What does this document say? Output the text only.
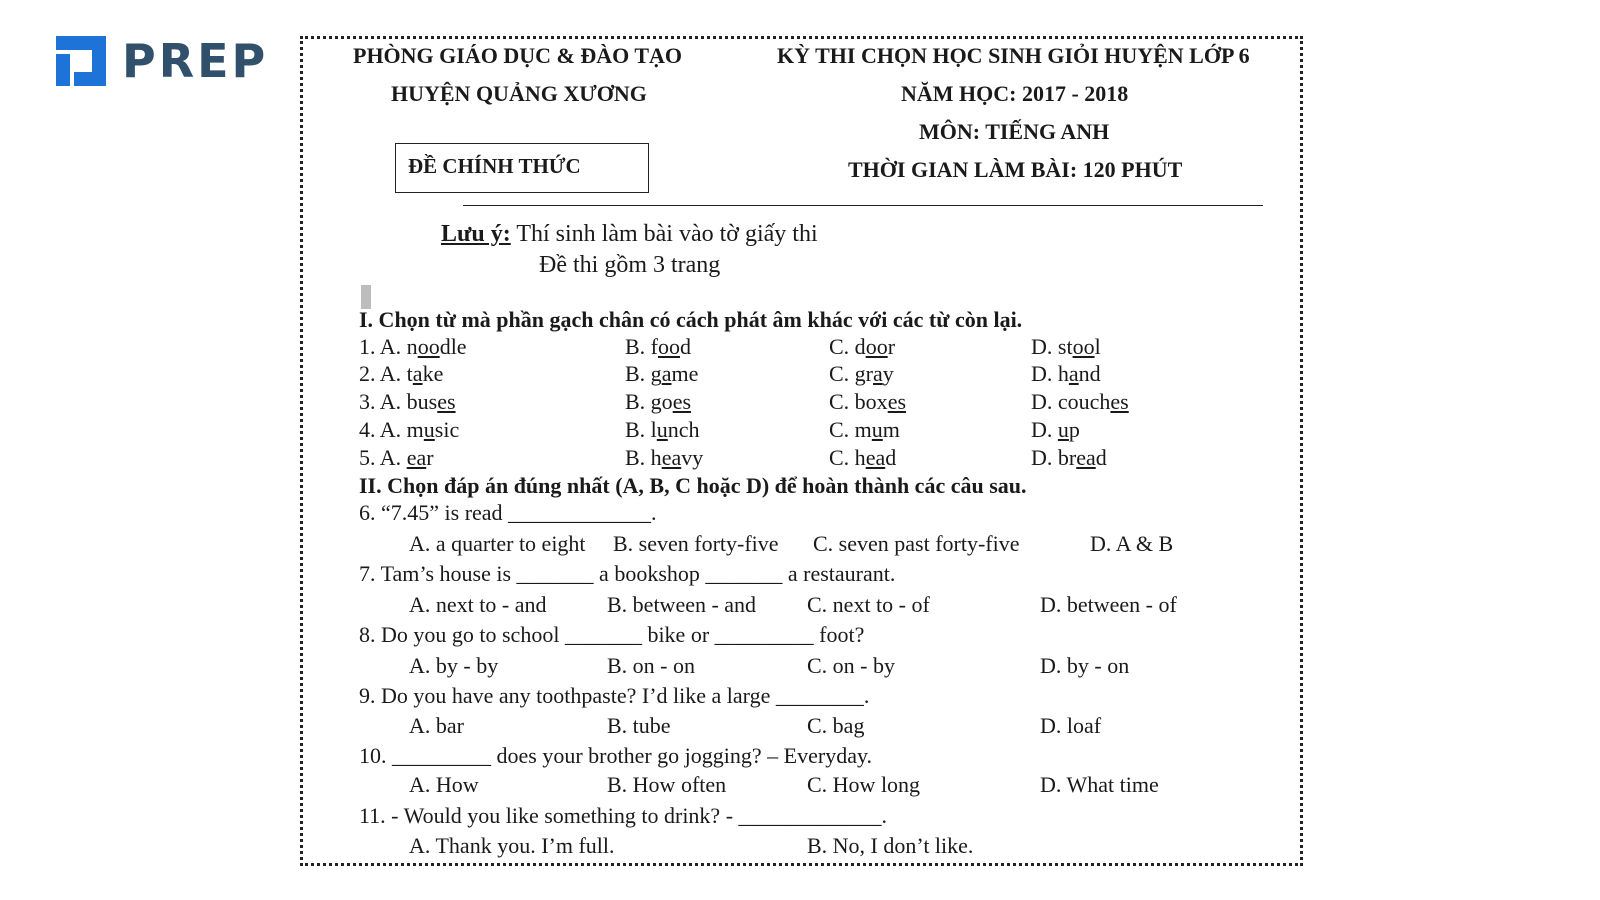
PREP	PHÒNG GIÁO DỤC & ĐÀO TẠO
HUYỆN QUẢNG XƯƠNG
ĐỀ CHÍNH THỨC
KỲ THI CHỌN HỌC SINH GIỎI HUYỆN LỚP 6
NĂM HỌC: 2017 - 2018
MÔN: TIẾNG ANH
THỜI GIAN LÀM BÀI: 120 PHÚT
Lưu ý: Thí sinh làm bài vào tờ giấy thi
Đề thi gồm 3 trang
I. Chọn từ mà phần gạch chân có cách phát âm khác với các từ còn lại.
1. A. noodle	B. food	C. door	D. stool
2. A. take	B. game	C. gray	D. hand
3. A. buses	B. goes	C. boxes	D. couches
4. A. music	B. lunch	C. mum	D. up
5. A. ear	B. heavy	C. head	D. bread
II. Chọn đáp án đúng nhất (A, B, C hoặc D) để hoàn thành các câu sau.
6. “7.45” is read _____________.
A. a quarter to eight B. seven forty-five C. seven past forty-five	D. A & B
7. Tam’s house is _______ a bookshop _______ a restaurant.
A. next to - and	B. between - and C. next to - of	D. between - of
8. Do you go to school _______ bike or _________ foot?
A. by - by	B. on - on	C. on - by	D. by - on
9. Do you have any toothpaste? I’d like a large ________.
A. bar	B. tube	C. bag	D. loaf
10. _________ does your brother go jogging? – Everyday.
A. How	B. How often	C. How long	D. What time
11. - Would you like something to drink? - _____________.
A. Thank you. I’m full.	B. No, I don’t like.
